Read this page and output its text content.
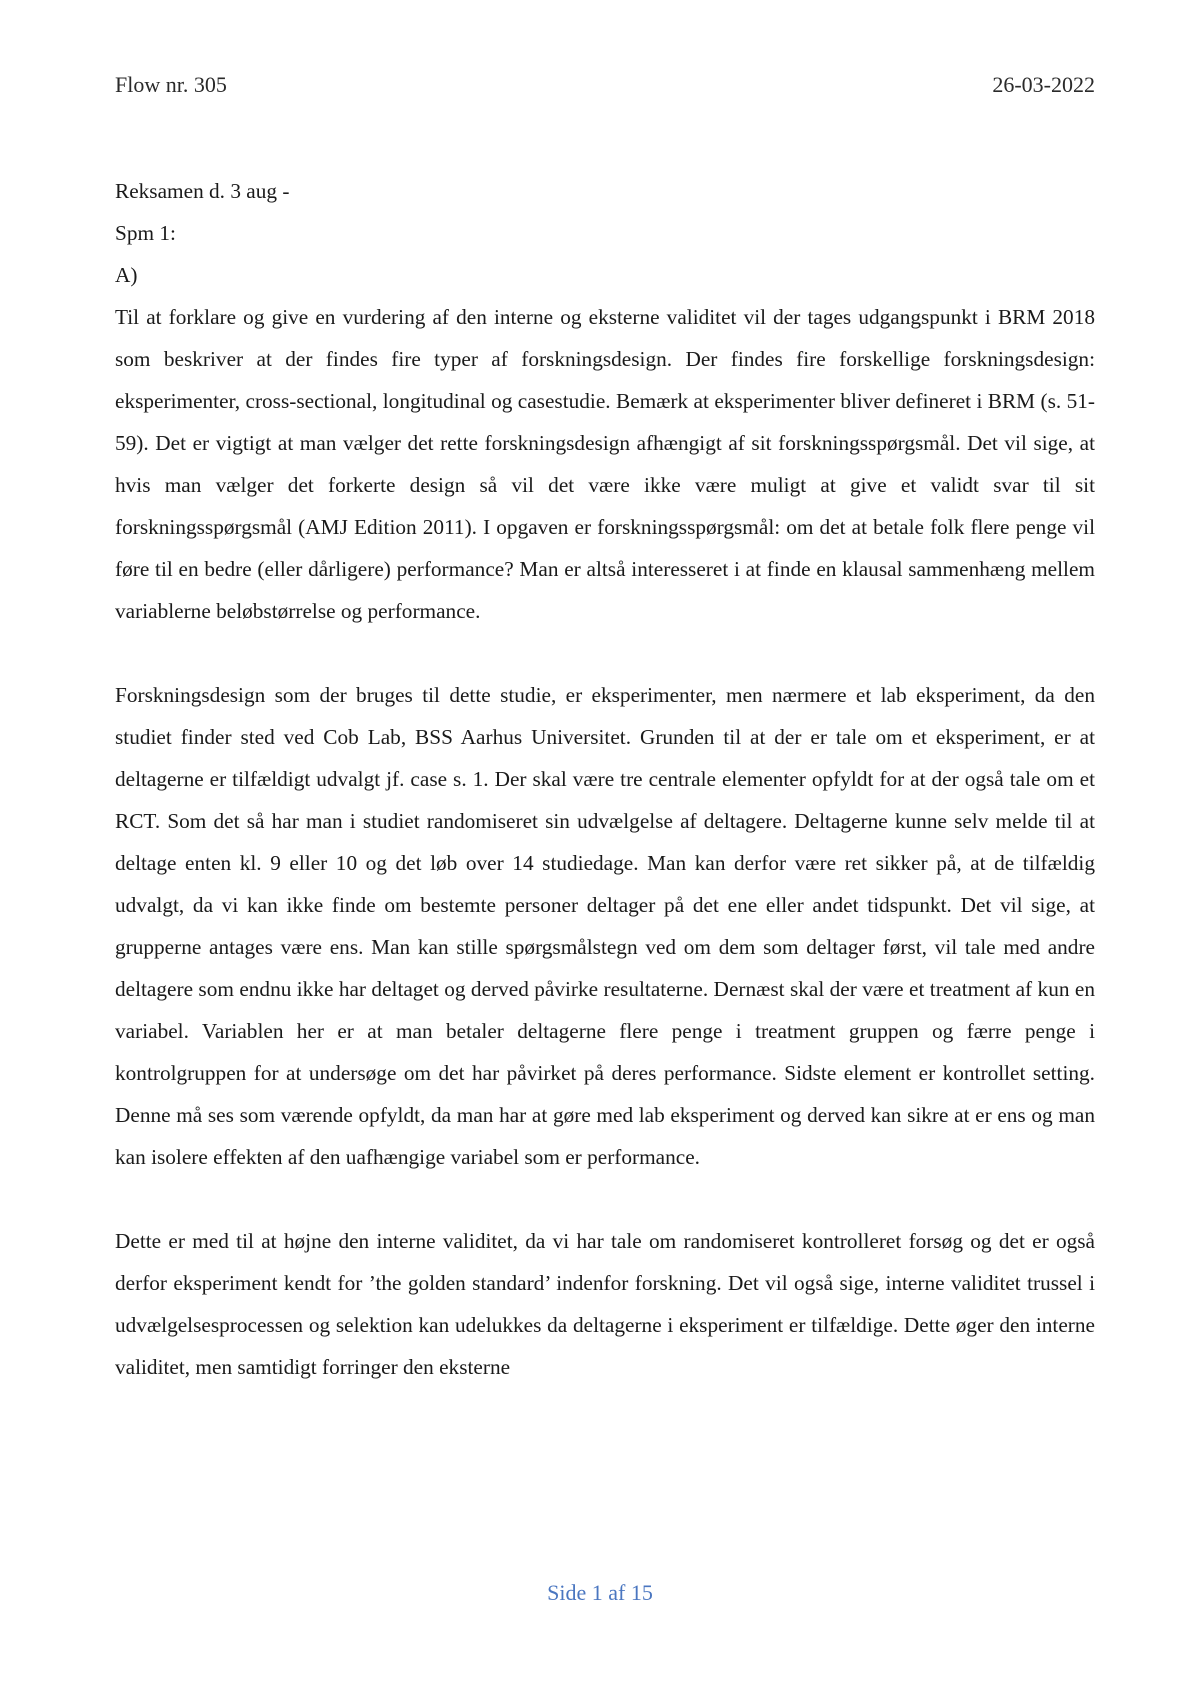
Flow nr. 305	26-03-2022

Reksamen d. 3 aug -

Spm 1:

A)

Til at forklare og give en vurdering af den interne og eksterne validitet vil der tages udgangspunkt i BRM 2018 som beskriver at der findes fire typer af forskningsdesign. Der findes fire forskellige forskningsdesign: eksperimenter, cross-sectional, longitudinal og casestudie. Bemærk at eksperimenter bliver defineret i BRM (s. 51-59). Det er vigtigt at man vælger det rette forskningsdesign afhængigt af sit forskningsspørgsmål. Det vil sige, at hvis man vælger det forkerte design så vil det være ikke være muligt at give et validt svar til sit forskningsspørgsmål (AMJ Edition 2011). I opgaven er forskningsspørgsmål: om det at betale folk flere penge vil føre til en bedre (eller dårligere) performance? Man er altså interesseret i at finde en klausal sammenhæng mellem variablerne beløbstørrelse og performance.

Forskningsdesign som der bruges til dette studie, er eksperimenter, men nærmere et lab eksperiment, da den studiet finder sted ved Cob Lab, BSS Aarhus Universitet. Grunden til at der er tale om et eksperiment, er at deltagerne er tilfældigt udvalgt jf. case s. 1. Der skal være tre centrale elementer opfyldt for at der også tale om et RCT. Som det så har man i studiet randomiseret sin udvælgelse af deltagere. Deltagerne kunne selv melde til at deltage enten kl. 9 eller 10 og det løb over 14 studiedage. Man kan derfor være ret sikker på, at de tilfældig udvalgt, da vi kan ikke finde om bestemte personer deltager på det ene eller andet tidspunkt. Det vil sige, at grupperne antages være ens. Man kan stille spørgsmålstegn ved om dem som deltager først, vil tale med andre deltagere som endnu ikke har deltaget og derved påvirke resultaterne. Dernæst skal der være et treatment af kun en variabel. Variablen her er at man betaler deltagerne flere penge i treatment gruppen og færre penge i kontrolgruppen for at undersøge om det har påvirket på deres performance. Sidste element er kontrollet setting. Denne må ses som værende opfyldt, da man har at gøre med lab eksperiment og derved kan sikre at er ens og man kan isolere effekten af den uafhængige variabel som er performance.

Dette er med til at højne den interne validitet, da vi har tale om randomiseret kontrolleret forsøg og det er også derfor eksperiment kendt for ’the golden standard’ indenfor forskning. Det vil også sige, interne validitet trussel i udvælgelsesprocessen og selektion kan udelukkes da deltagerne i eksperiment er tilfældige. Dette øger den interne validitet, men samtidigt forringer den eksterne

Side 1 af 15
